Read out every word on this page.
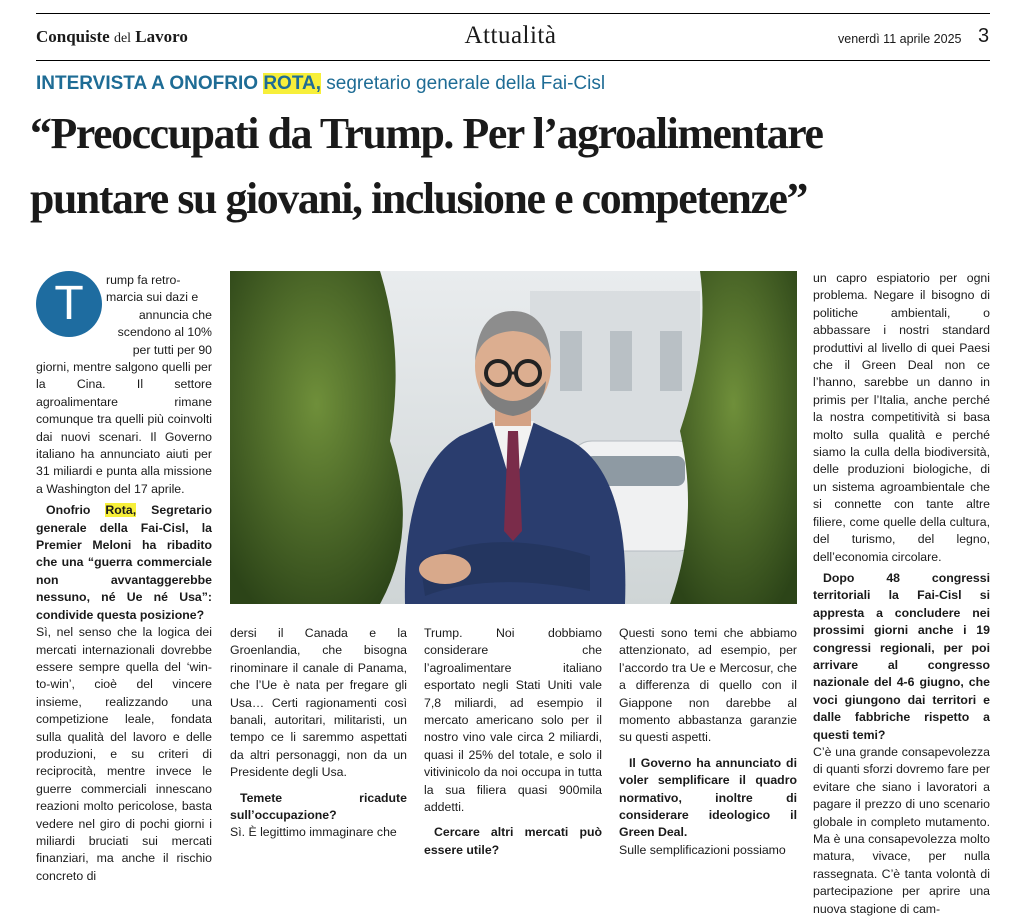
Conquiste del Lavoro	Attualità	venerdì 11 aprile 2025 3
INTERVISTA A ONOFRIO ROTA, segretario generale della Fai-Cisl
“Preoccupati da Trump. Per l’agroalimentare
puntare su giovani, inclusione e competenze”
T	rump fa retro-

marcia sui dazi e

annuncia che

scendono al 10%

per tutti per 90

giorni, mentre salgono quelli per la Cina. Il settore agroalimentare rimane comunque tra quelli più coinvolti dai nuovi scenari. Il Governo italiano ha annunciato aiuti per 31 miliardi e punta alla missione a Washington del 17 aprile.

Onofrio Rota, Segretario generale della Fai-Cisl, la Premier Meloni ha ribadito che una “guerra commerciale non avvantaggerebbe nessuno, né Ue né Usa”: condivide questa posizione?

Sì, nel senso che la logica dei mercati internazionali dovrebbe essere sempre quella del ‘win-to-win’, cioè del vincere insieme, realizzando una competizione leale, fondata sulla qualità del lavoro e delle produzioni, e su criteri di reciprocità, mentre invece le guerre commerciali innescano reazioni molto pericolose, basta vedere nel giro di pochi giorni i miliardi bruciati sui mercati finanziari, ma anche il rischio concreto di

dersi il Canada e la Groenlandia, che bisogna rinominare il canale di Panama, che l’Ue è nata per fregare gli Usa… Certi ragionamenti così banali, autoritari, militaristi, un tempo ce li saremmo aspettati da altri personaggi, non da un Presidente degli Usa.

Temete ricadute sull’occupazione?

Sì. È legittimo immaginare che

Trump. Noi dobbiamo considerare che l’agroalimentare italiano esportato negli Stati Uniti vale 7,8 miliardi, ad esempio il mercato americano solo per il nostro vino vale circa 2 miliardi, quasi il 25% del totale, e solo il vitivinicolo da noi occupa in tutta la sua filiera quasi 900mila addetti.

Cercare altri mercati può essere utile?

Questi sono temi che abbiamo attenzionato, ad esempio, per l’accordo tra Ue e Mercosur, che a differenza di quello con il Giappone non darebbe al momento abbastanza garanzie su questi aspetti.

Il Governo ha annunciato di voler semplificare il quadro normativo, inoltre di considerare ideologico il Green Deal.

Sulle semplificazioni possiamo

un capro espiatorio per ogni problema. Negare il bisogno di politiche ambientali, o abbassare i nostri standard produttivi al livello di quei Paesi che il Green Deal non ce l’hanno, sarebbe un danno in primis per l’Italia, anche perché la nostra competitività si basa molto sulla qualità e perché siamo la culla della biodiversità, delle produzioni biologiche, di un sistema agroambientale che si connette con tante altre filiere, come quelle della cultura, del turismo, del legno, dell’economia circolare.

Dopo 48 congressi territoriali la Fai-Cisl si appresta a concludere nei prossimi giorni anche i 19 congressi regionali, per poi arrivare al congresso nazionale del 4-6 giugno, che voci giungono dai territori e dalle fabbriche rispetto a questi temi?

C’è una grande consapevolezza di quanti sforzi dovremo fare per evitare che siano i lavoratori a pagare il prezzo di uno scenario globale in completo mutamento. Ma è una consapevolezza molto matura, vivace, per nulla rassegnata. C’è tanta volontà di partecipazione per aprire una nuova stagione di cam-
